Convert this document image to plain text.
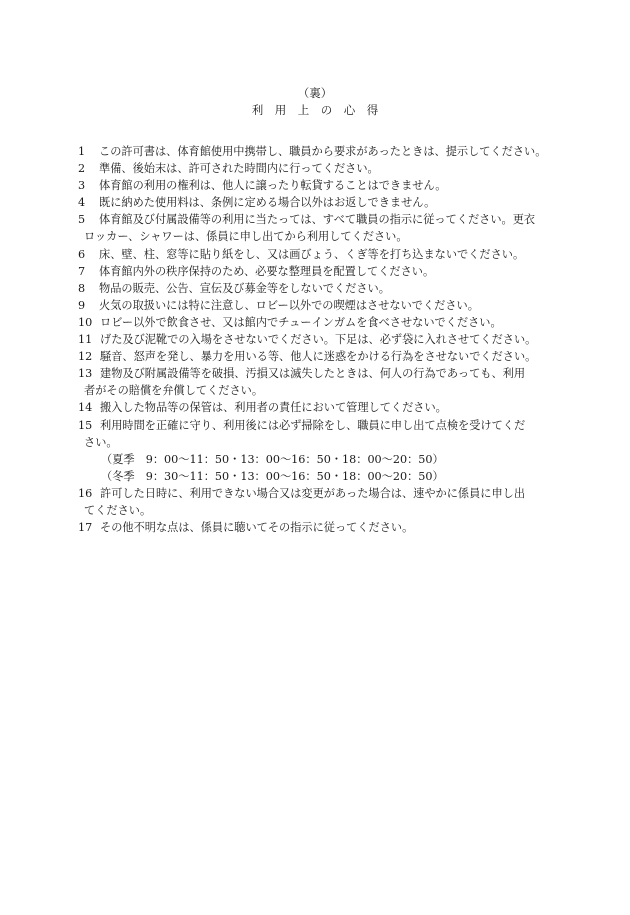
（裏）
利　用　上　の　心　得
1 この許可書は、体育館使用中携帯し、職員から要求があったときは、提示してください。
2 準備、後始末は、許可された時間内に行ってください。
3 体育館の利用の権利は、他人に譲ったり転貸することはできません。
4 既に納めた使用料は、条例に定める場合以外はお返しできません。
5 体育館及び付属設備等の利用に当たっては、すべて職員の指示に従ってください。更衣
ロッカー、シャワーは、係員に申し出てから利用してください。
6 床、壁、柱、窓等に貼り紙をし、又は画びょう、くぎ等を打ち込まないでください。
7 体育館内外の秩序保持のため、必要な整理員を配置してください。
8 物品の販売、公告、宣伝及び募金等をしないでください。
9 火気の取扱いには特に注意し、ロビー以外での喫煙はさせないでください。
10 ロビー以外で飲食させ、又は館内でチューインガムを食べさせないでください。
11 げた及び泥靴での入場をさせないでください。下足は、必ず袋に入れさせてください。
12 騒音、怒声を発し、暴力を用いる等、他人に迷惑をかける行為をさせないでください。
13 建物及び附属設備等を破損、汚損又は滅失したときは、何人の行為であっても、利用
者がその賠償を弁償してください。
14 搬入した物品等の保管は、利用者の責任において管理してください。
15 利用時間を正確に守り、利用後には必ず掃除をし、職員に申し出て点検を受けてくだ
さい。
（夏季　9：00〜11：50・13：00〜16：50・18：00〜20：50）
（冬季　9：30〜11：50・13：00〜16：50・18：00〜20：50）
16 許可した日時に、利用できない場合又は変更があった場合は、速やかに係員に申し出
てください。
17 その他不明な点は、係員に聴いてその指示に従ってください。
